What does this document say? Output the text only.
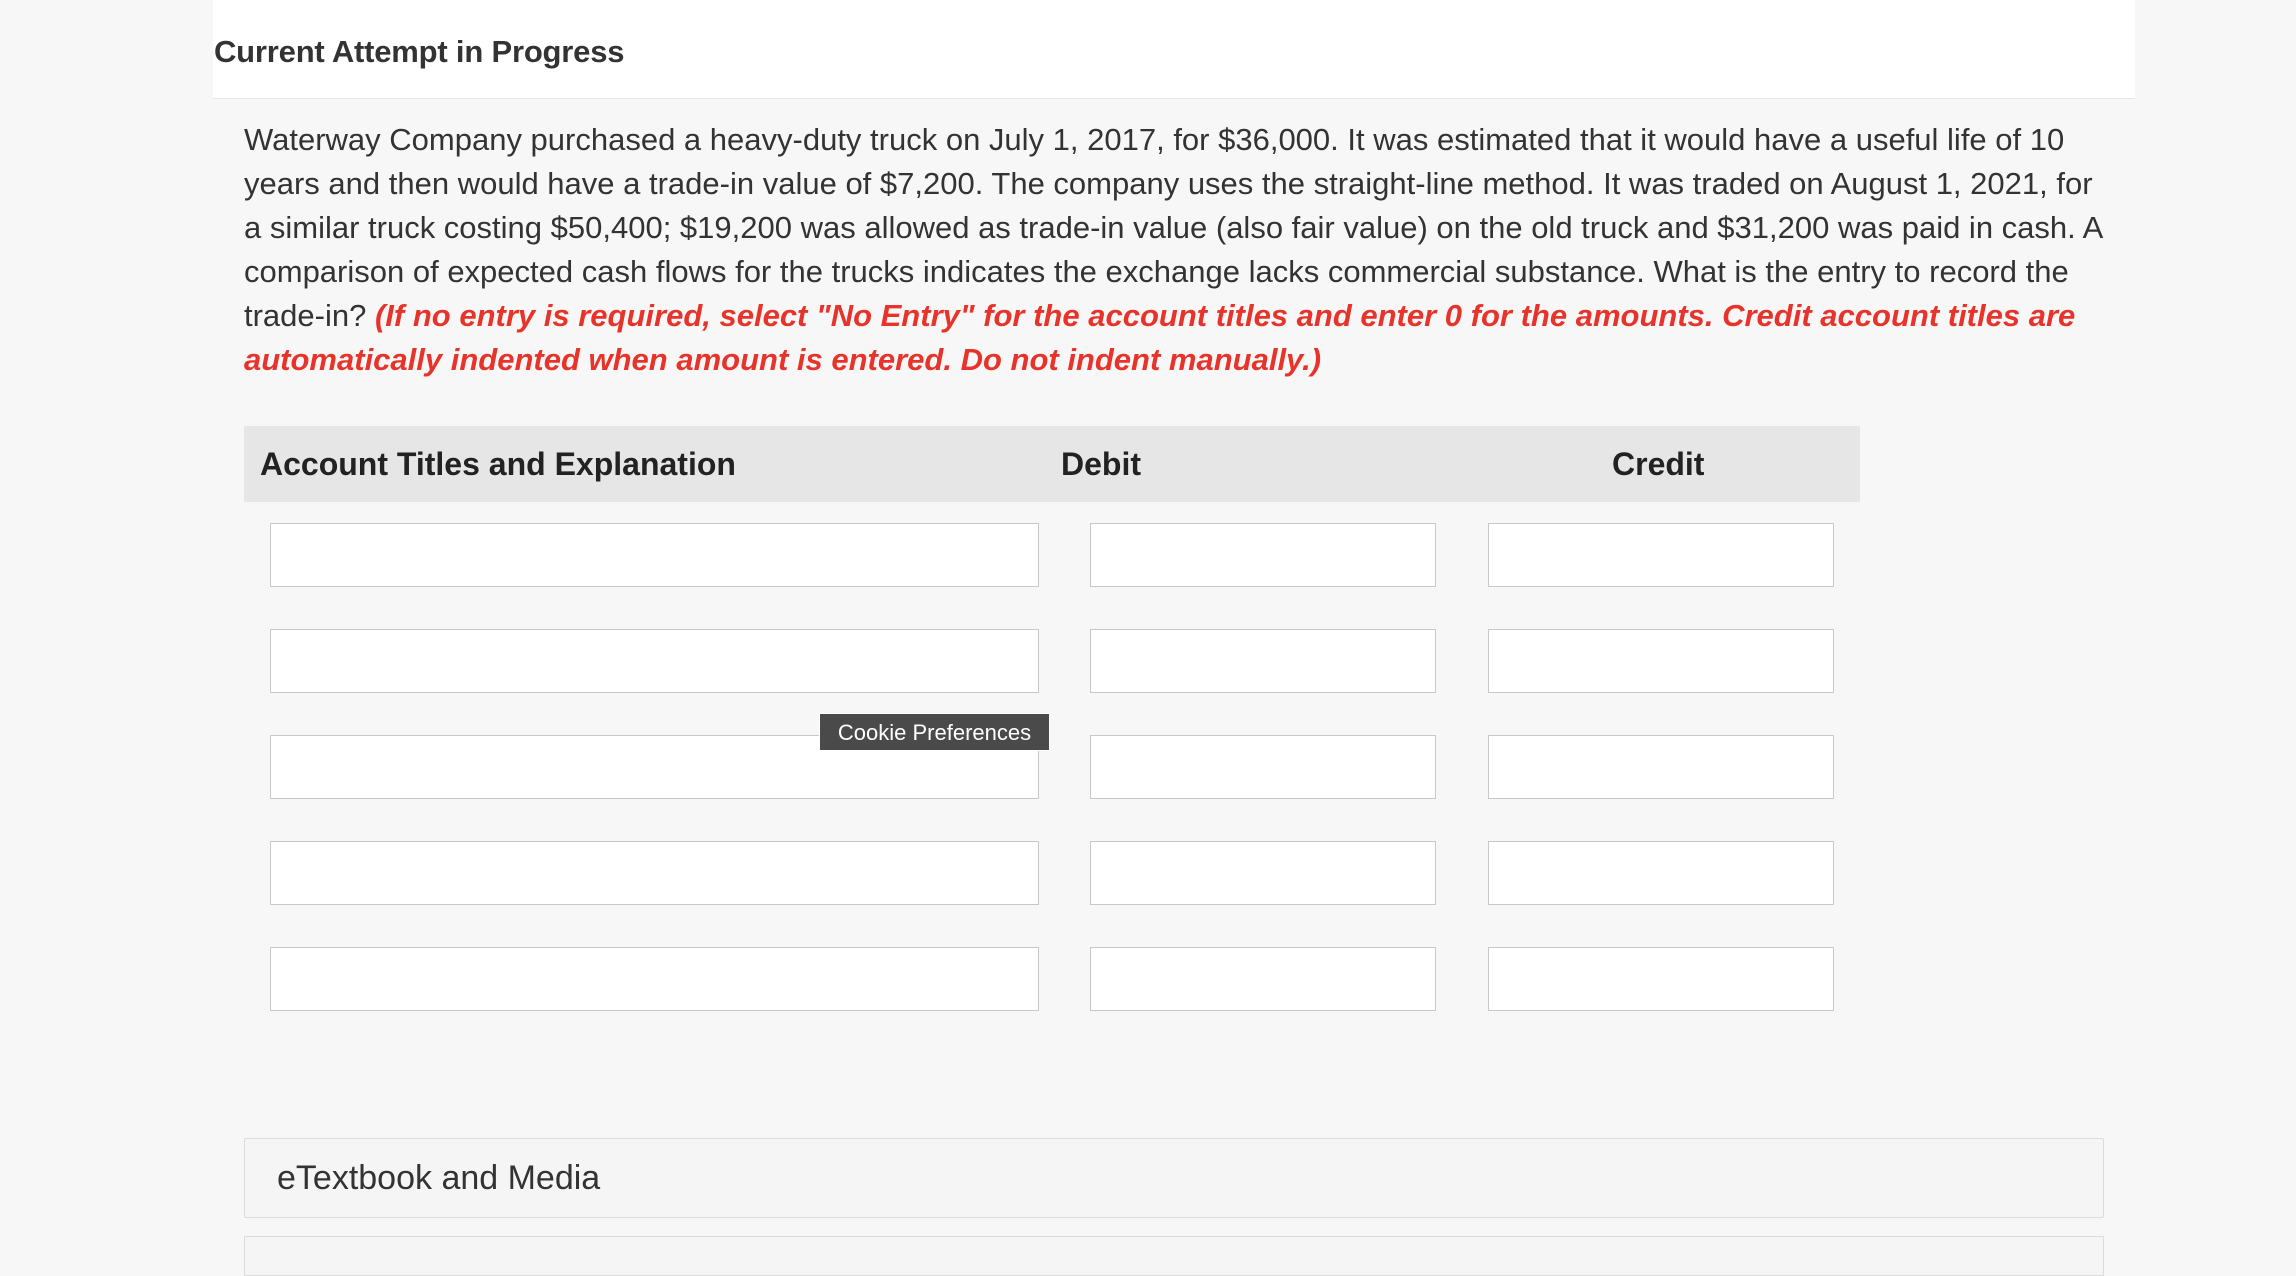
Current Attempt in Progress
Waterway Company purchased a heavy-duty truck on July 1, 2017, for $36,000. It was estimated that it would have a useful life of 10 years and then would have a trade-in value of $7,200. The company uses the straight-line method. It was traded on August 1, 2021, for a similar truck costing $50,400; $19,200 was allowed as trade-in value (also fair value) on the old truck and $31,200 was paid in cash. A comparison of expected cash flows for the trucks indicates the exchange lacks commercial substance. What is the entry to record the trade-in? (If no entry is required, select "No Entry" for the account titles and enter 0 for the amounts. Credit account titles are automatically indented when amount is entered. Do not indent manually.)
Account Titles and Explanation	Debit	Credit
Cookie Preferences
eTextbook and Media
